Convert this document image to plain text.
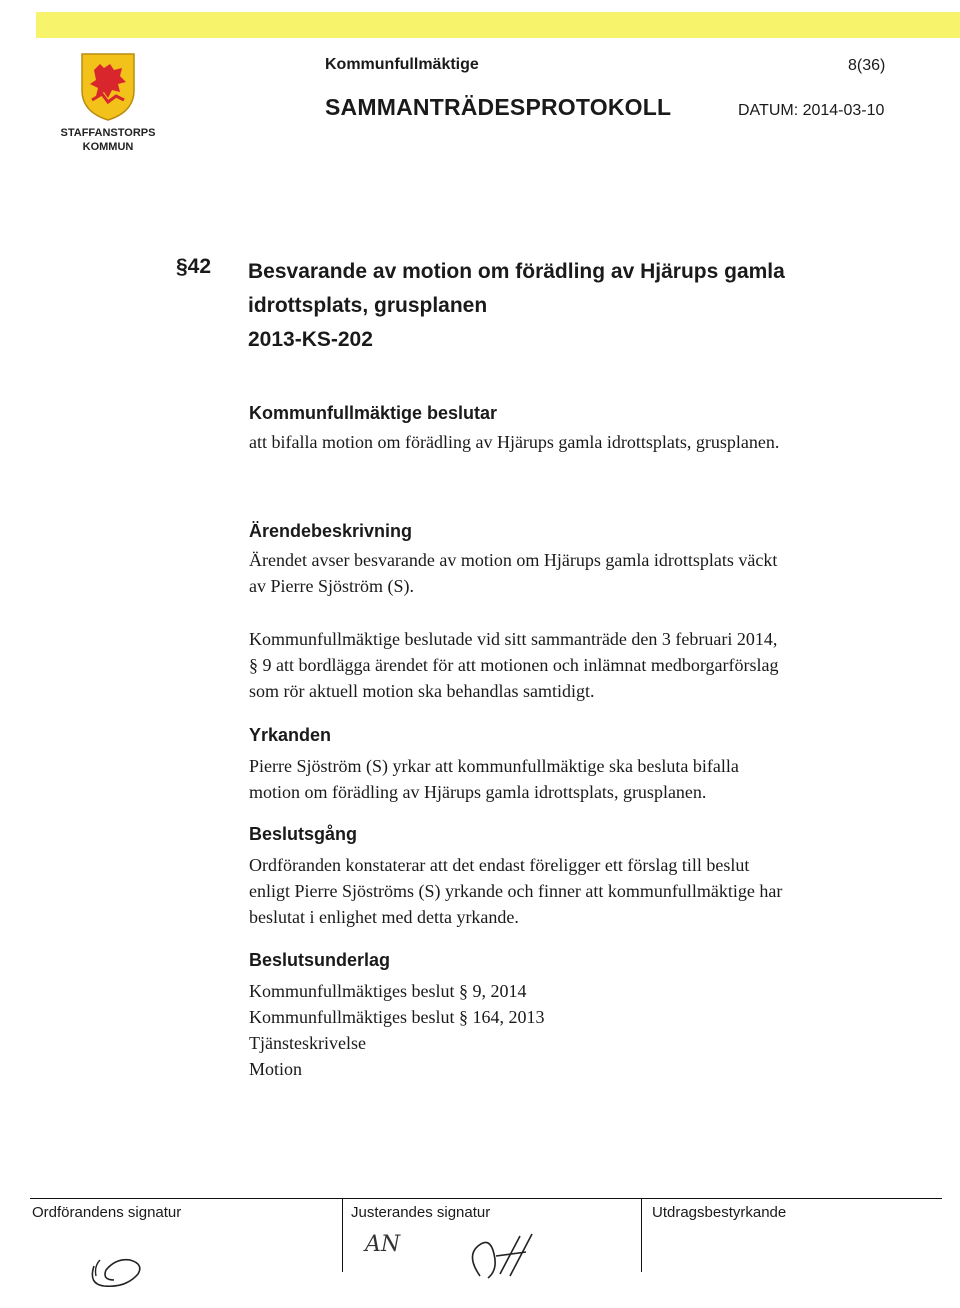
STAFFANSTORPS
KOMMUN
Kommunfullmäktige	8(36)
SAMMANTRÄDESPROTOKOLL	DATUM: 2014-03-10
§42 Besvarande av motion om förädling av Hjärups gamla
idrottsplats, grusplanen
2013-KS-202
Kommunfullmäktige beslutar
att bifalla motion om förädling av Hjärups gamla idrottsplats, grusplanen.
Ärendebeskrivning
Ärendet avser besvarande av motion om Hjärups gamla idrottsplats väckt
av Pierre Sjöström (S).
Kommunfullmäktige beslutade vid sitt sammanträde den 3 februari 2014,
§ 9 att bordlägga ärendet för att motionen och inlämnat medborgarförslag
som rör aktuell motion ska behandlas samtidigt.
Yrkanden
Pierre Sjöström (S) yrkar att kommunfullmäktige ska besluta bifalla
motion om förädling av Hjärups gamla idrottsplats, grusplanen.
Beslutsgång
Ordföranden konstaterar att det endast föreligger ett förslag till beslut
enligt Pierre Sjöströms (S) yrkande och finner att kommunfullmäktige har
beslutat i enlighet med detta yrkande.
Beslutsunderlag
Kommunfullmäktiges beslut § 9, 2014
Kommunfullmäktiges beslut § 164, 2013
Tjänsteskrivelse
Motion
Ordförandens signatur	Justerandes signatur	Utdragsbestyrkande
AN
